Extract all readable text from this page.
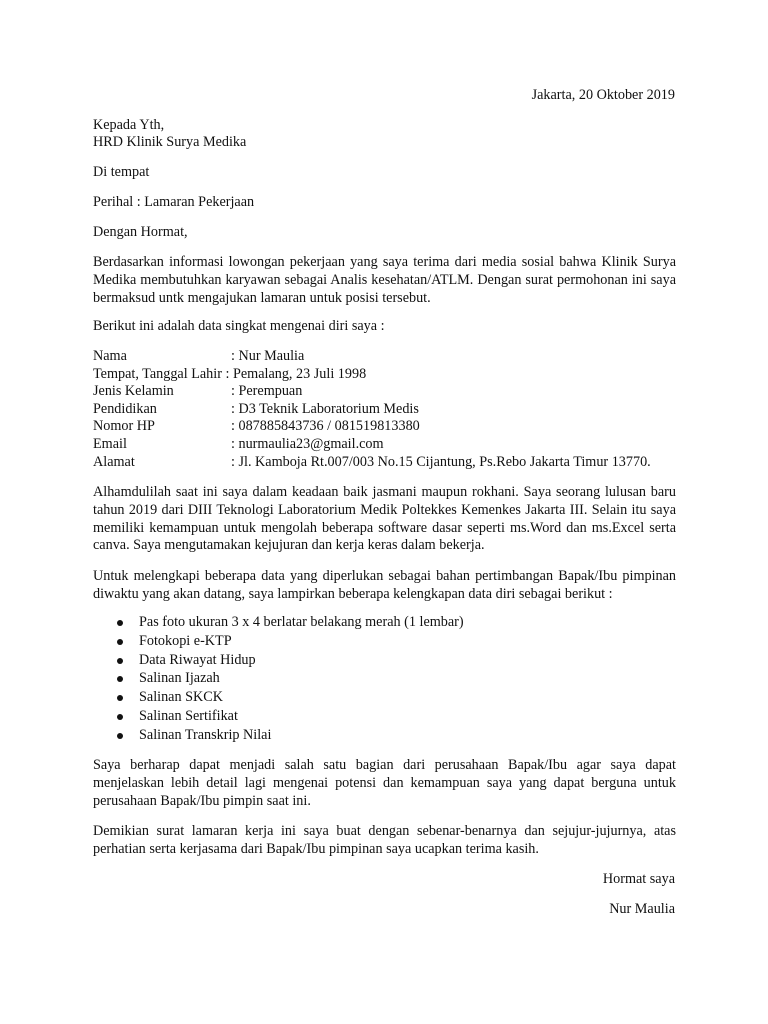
Jakarta, 20 Oktober 2019
Kepada Yth,
HRD Klinik Surya Medika
Di tempat
Perihal : Lamaran Pekerjaan
Dengan Hormat,
Berdasarkan informasi lowongan pekerjaan yang saya terima dari media sosial bahwa Klinik Surya Medika membutuhkan karyawan sebagai Analis kesehatan/ATLM. Dengan surat permohonan ini saya bermaksud untk mengajukan lamaran untuk posisi tersebut.
Berikut ini adalah data singkat mengenai diri saya :
Nama	: Nur Maulia
Tempat, Tanggal Lahir : Pemalang, 23 Juli 1998
Jenis Kelamin	: Perempuan
Pendidikan	: D3 Teknik Laboratorium Medis
Nomor HP	: 087885843736 / 081519813380
Email	: nurmaulia23@gmail.com
Alamat	: Jl. Kamboja Rt.007/003 No.15 Cijantung, Ps.Rebo Jakarta Timur 13770.
Alhamdulilah saat ini saya dalam keadaan baik jasmani maupun rokhani. Saya seorang lulusan baru tahun 2019 dari DIII Teknologi Laboratorium Medik Poltekkes Kemenkes Jakarta III. Selain itu saya memiliki kemampuan untuk mengolah beberapa software dasar seperti ms.Word dan ms.Excel serta canva. Saya mengutamakan kejujuran dan kerja keras dalam bekerja.
Untuk melengkapi beberapa data yang diperlukan sebagai bahan pertimbangan Bapak/Ibu pimpinan diwaktu yang akan datang, saya lampirkan beberapa kelengkapan data diri sebagai berikut :
Pas foto ukuran 3 x 4 berlatar belakang merah (1 lembar)
Fotokopi e-KTP
Data Riwayat Hidup
Salinan Ijazah
Salinan SKCK
Salinan Sertifikat
Salinan Transkrip Nilai
Saya berharap dapat menjadi salah satu bagian dari perusahaan Bapak/Ibu agar saya dapat menjelaskan lebih detail lagi mengenai potensi dan kemampuan saya yang dapat berguna untuk perusahaan Bapak/Ibu pimpin saat ini.
Demikian surat lamaran kerja ini saya buat dengan sebenar-benarnya dan sejujur-jujurnya, atas perhatian serta kerjasama dari Bapak/Ibu pimpinan saya ucapkan terima kasih.
Hormat saya
Nur Maulia
